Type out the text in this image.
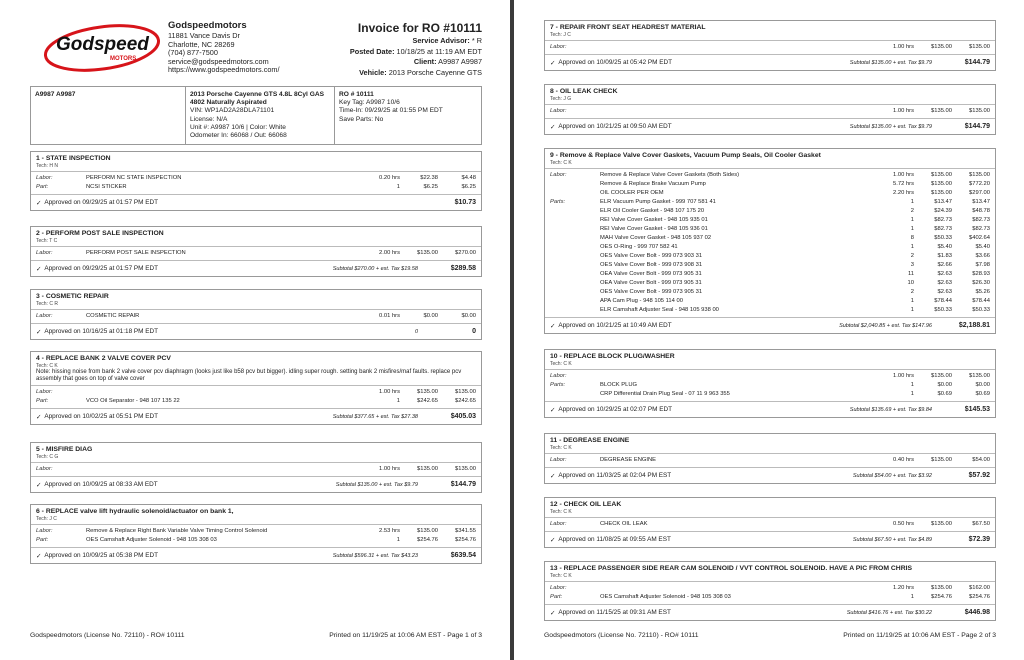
Godspeed
MOTORS
Godspeedmotors
11881 Vance Davis Dr
Charlotte, NC 28269
(704) 877-7500
service@godspeedmotors.com
https://www.godspeedmotors.com/
Invoice for RO #10111
Service Advisor: * R
Posted Date: 10/18/25 at 11:19 AM EDT
Client: A9987 A9987
Vehicle: 2013 Porsche Cayenne GTS
A9987 A9987	2013 Porsche Cayenne GTS 4.8L 8Cyl GAS
4802 Naturally Aspirated
VIN: WP1AD2A28DLA71101
License: N/A
Unit #: A9987 10/6 | Color: White
Odometer In: 66068 / Out: 66068
RO # 10111
Key Tag: A9987 10/6
Time-In: 09/29/25 at 01:55 PM EDT
Save Parts: No
1 - STATE INSPECTION
Tech: H N
Labor:	PERFORM NC STATE INSPECTION	0.20 hrs	$22.38	$4.48
Part:	NCSI STICKER	1	$6.25	$6.25
✓ Approved on 09/29/25 at 01:57 PM EDT	$10.73
2 - PERFORM POST SALE INSPECTION
Tech: T C
Labor:	PERFORM POST SALE INSPECTION	2.00 hrs	$135.00	$270.00
✓ Approved on 09/29/25 at 01:57 PM EDT	Subtotal $270.00 + est. Tax $19.58	$289.58
3 - COSMETIC REPAIR
Tech: C R
Labor:	COSMETIC REPAIR	0.01 hrs	$0.00	$0.00
✓ Approved on 10/16/25 at 01:18 PM EDT	0	0
4 - REPLACE BANK 2 VALVE COVER PCV
Tech: C K
Note: hissing noise from bank 2 valve cover pcv diaphragm (looks just like b58 pcv but bigger). idling super rough. setting bank 2 misfires/maf faults. replace pcv assembly that goes on top of valve cover
Labor:	1.00 hrs	$135.00	$135.00
Part:	VCO Oil Separator - 948 107 135 22	1	$242.65	$242.65
✓ Approved on 10/02/25 at 05:51 PM EDT	Subtotal $377.65 + est. Tax $27.38	$405.03
5 - MISFIRE DIAG
Tech: C G
Labor:	1.00 hrs	$135.00	$135.00
✓ Approved on 10/09/25 at 08:33 AM EDT	Subtotal $135.00 + est. Tax $9.79	$144.79
6 - REPLACE valve lift hydraulic solenoid/actuator on bank 1,
Tech: J C
Labor:	Remove & Replace Right Bank Variable Valve Timing Control Solenoid	2.53 hrs	$135.00	$341.55
Part:	OES Camshaft Adjuster Solenoid - 948 105 308 03	1	$254.76	$254.76
✓ Approved on 10/09/25 at 05:38 PM EDT	Subtotal $596.31 + est. Tax $43.23	$639.54
Godspeedmotors (License No. 72110) - RO# 10111	Printed on 11/19/25 at 10:06 AM EST - Page 1 of 3
7 - REPAIR FRONT SEAT HEADREST MATERIAL
Tech: J C
Labor:	1.00 hrs	$135.00	$135.00
✓ Approved on 10/09/25 at 05:42 PM EDT	Subtotal $135.00 + est. Tax $9.79	$144.79
8 - OIL LEAK CHECK
Tech: J G
Labor:	1.00 hrs	$135.00	$135.00
✓ Approved on 10/21/25 at 09:50 AM EDT	Subtotal $135.00 + est. Tax $9.79	$144.79
9 - Remove & Replace Valve Cover Gaskets, Vacuum Pump Seals, Oil Cooler Gasket
Tech: C K
Labor:	Remove & Replace Valve Cover Gaskets (Both Sides)	1.00 hrs	$135.00	$135.00
Remove & Replace Brake Vacuum Pump	5.72 hrs	$135.00	$772.20
OIL COOLER PER OEM	2.20 hrs	$135.00	$297.00
Parts:	ELR Vacuum Pump Gasket - 999 707 581 41	1	$13.47	$13.47
ELR Oil Cooler Gasket - 948 107 175 20	2	$24.39	$48.78
REI Valve Cover Gasket - 948 105 935 01	1	$82.73	$82.73
REI Valve Cover Gasket - 948 105 936 01	1	$82.73	$82.73
MAH Valve Cover Gasket - 948 105 937 02	8	$50.33	$402.64
OES O-Ring - 999 707 582 41	1	$5.40	$5.40
OES Valve Cover Bolt - 999 073 903 31	2	$1.83	$3.66
OES Valve Cover Bolt - 999 073 908 31	3	$2.66	$7.98
OEA Valve Cover Bolt - 999 073 905 31	11	$2.63	$28.93
OEA Valve Cover Bolt - 999 073 905 31	10	$2.63	$26.30
OES Valve Cover Bolt - 999 073 905 31	2	$2.63	$5.26
APA Cam Plug - 948 105 114 00	1	$78.44	$78.44
ELR Camshaft Adjuster Seal - 948 105 938 00	1	$50.33	$50.33
✓ Approved on 10/21/25 at 10:49 AM EDT	Subtotal $2,040.85 + est. Tax $147.96	$2,188.81
10 - REPLACE BLOCK PLUG/WASHER
Tech: C K
Labor:	1.00 hrs	$135.00	$135.00
Parts:	BLOCK PLUG	1	$0.00	$0.00
CRP Differential Drain Plug Seal - 07 11 9 963 355	1	$0.69	$0.69
✓ Approved on 10/29/25 at 02:07 PM EDT	Subtotal $135.69 + est. Tax $9.84	$145.53
11 - DEGREASE ENGINE
Tech: C K
Labor:	DEGREASE ENGINE	0.40 hrs	$135.00	$54.00
✓ Approved on 11/03/25 at 02:04 PM EST	Subtotal $54.00 + est. Tax $3.92	$57.92
12 - CHECK OIL LEAK
Tech: C K
Labor:	CHECK OIL LEAK	0.50 hrs	$135.00	$67.50
✓ Approved on 11/08/25 at 09:55 AM EST	Subtotal $67.50 + est. Tax $4.89	$72.39
13 - REPLACE PASSENGER SIDE REAR CAM SOLENOID / VVT CONTROL SOLENOID. HAVE A PIC FROM CHRIS
Tech: C K
Labor:	1.20 hrs	$135.00	$162.00
Part:	OES Camshaft Adjuster Solenoid - 948 105 308 03	1	$254.76	$254.76
✓ Approved on 11/15/25 at 09:31 AM EST	Subtotal $416.76 + est. Tax $30.22	$446.98
Godspeedmotors (License No. 72110) - RO# 10111	Printed on 11/19/25 at 10:06 AM EST - Page 2 of 3
